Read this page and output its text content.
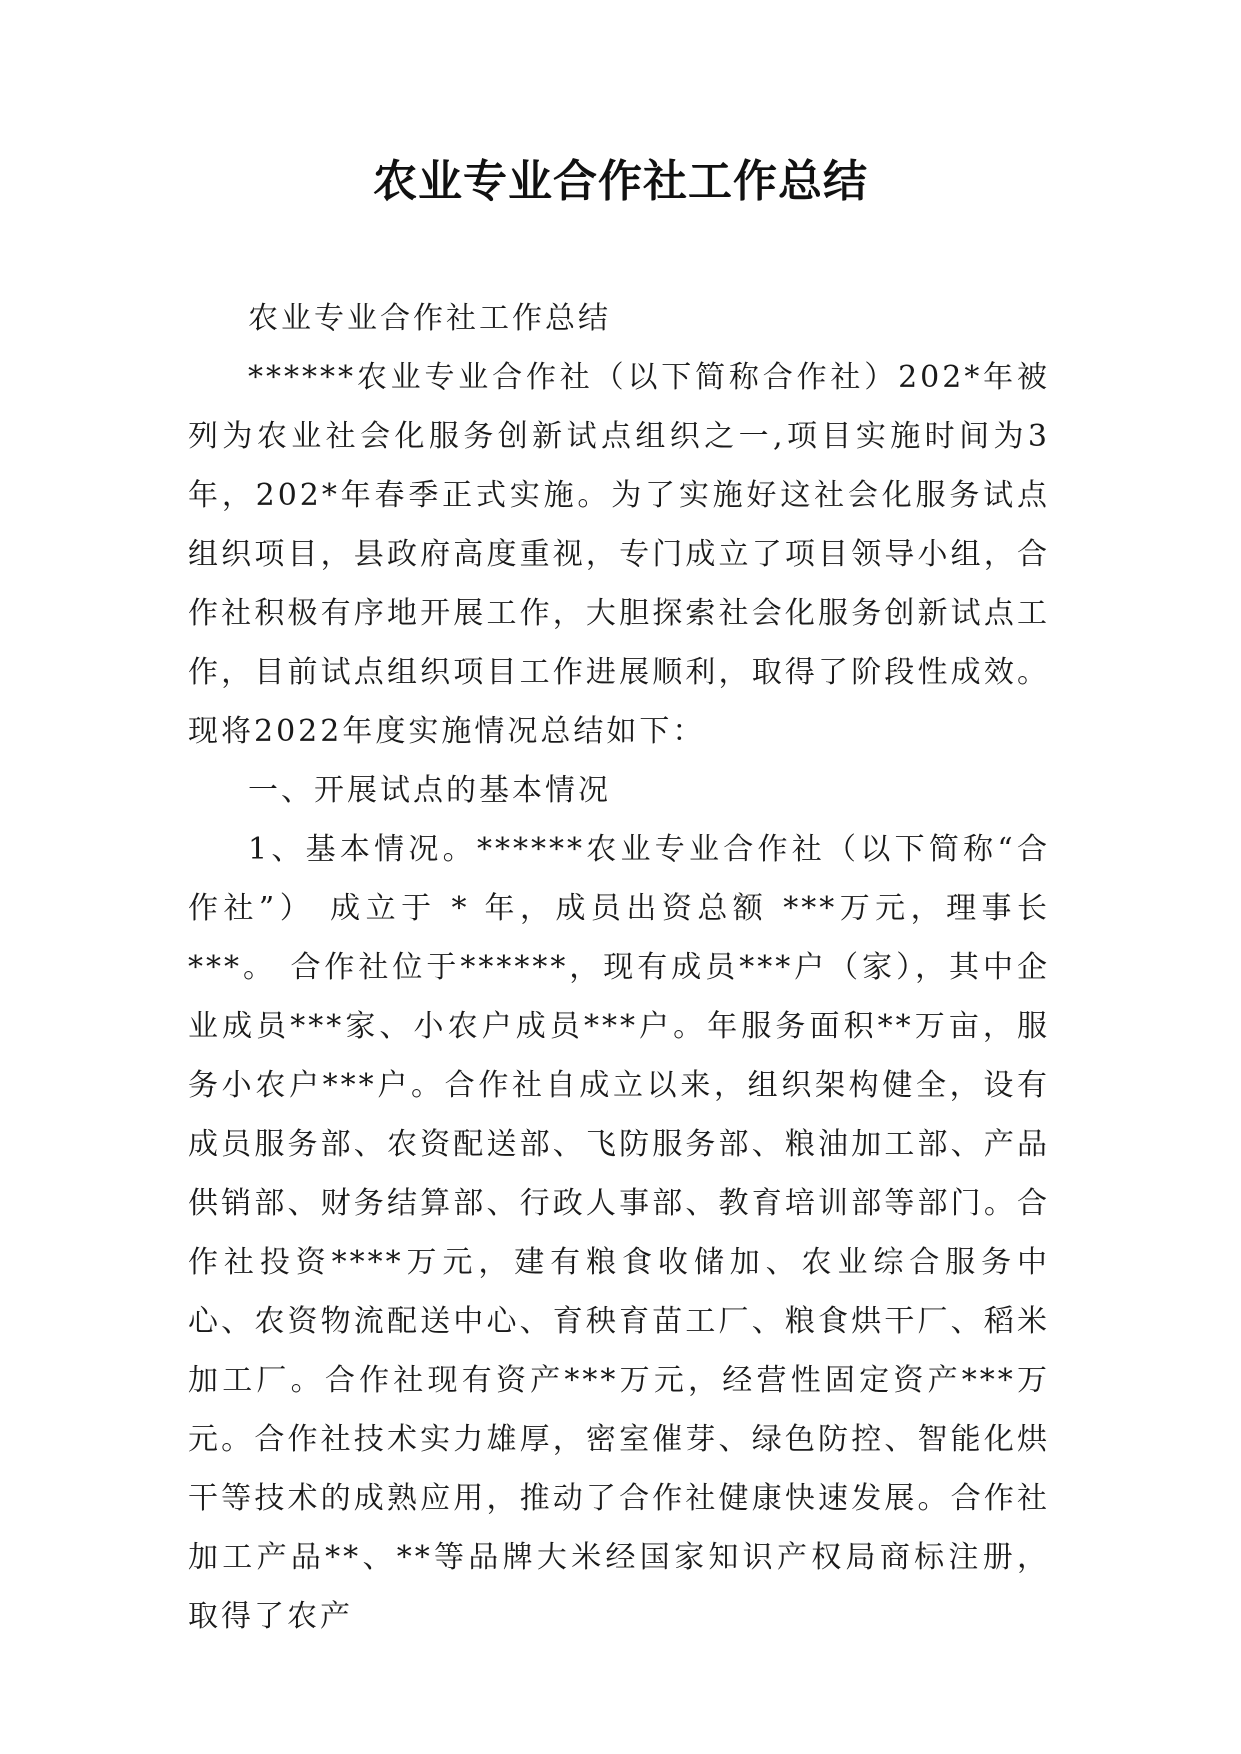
农业专业合作社工作总结

农业专业合作社工作总结

******农业专业合作社（以下简称合作社）202*年被列为农业社会化服务创新试点组织之一,项目实施时间为3年，202*年春季正式实施。为了实施好这社会化服务试点组织项目，县政府高度重视，专门成立了项目领导小组，合作社积极有序地开展工作，大胆探索社会化服务创新试点工作，目前试点组织项目工作进展顺利，取得了阶段性成效。现将2022年度实施情况总结如下：

一、开展试点的基本情况

1、基本情况。******农业专业合作社（以下简称“合作社”） 成立于 * 年，成员出资总额 ***万元，理事长***。 合作社位于******，现有成员***户（家），其中企业成员***家、小农户成员***户。年服务面积**万亩，服务小农户***户。合作社自成立以来，组织架构健全，设有成员服务部、农资配送部、飞防服务部、粮油加工部、产品供销部、财务结算部、行政人事部、教育培训部等部门。合作社投资****万元，建有粮食收储加、农业综合服务中心、农资物流配送中心、育秧育苗工厂、粮食烘干厂、稻米加工厂。合作社现有资产***万元，经营性固定资产***万元。合作社技术实力雄厚，密室催芽、绿色防控、智能化烘干等技术的成熟应用，推动了合作社健康快速发展。合作社加工产品**、**等品牌大米经国家知识产权局商标注册，取得了农产
